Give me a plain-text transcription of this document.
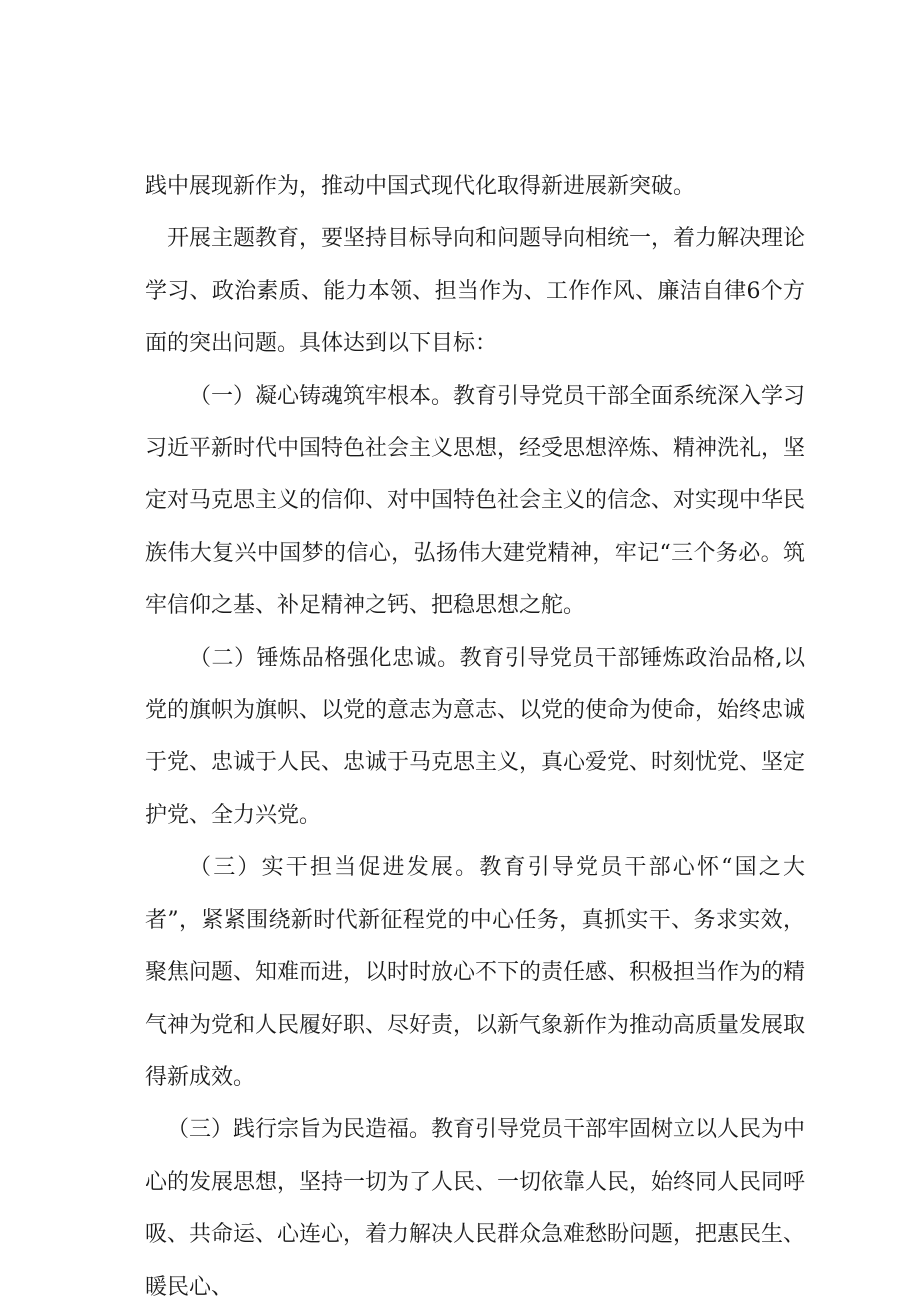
践中展现新作为，推动中国式现代化取得新进展新突破。

开展主题教育，要坚持目标导向和问题导向相统一，着力解决理论学习、政治素质、能力本领、担当作为、工作作风、廉洁自律6个方面的突出问题。具体达到以下目标：

（一）凝心铸魂筑牢根本。教育引导党员干部全面系统深入学习习近平新时代中国特色社会主义思想，经受思想淬炼、精神洗礼，坚定对马克思主义的信仰、对中国特色社会主义的信念、对实现中华民族伟大复兴中国梦的信心，弘扬伟大建党精神，牢记“三个务必。筑牢信仰之基、补足精神之钙、把稳思想之舵。

（二）锤炼品格强化忠诚。教育引导党员干部锤炼政治品格,以党的旗帜为旗帜、以党的意志为意志、以党的使命为使命，始终忠诚于党、忠诚于人民、忠诚于马克思主义，真心爱党、时刻忧党、坚定护党、全力兴党。

（三）实干担当促进发展。教育引导党员干部心怀“国之大者”，紧紧围绕新时代新征程党的中心任务，真抓实干、务求实效，聚焦问题、知难而进，以时时放心不下的责任感、积极担当作为的精气神为党和人民履好职、尽好责，以新气象新作为推动高质量发展取得新成效。

（三）践行宗旨为民造福。教育引导党员干部牢固树立以人民为中心的发展思想，坚持一切为了人民、一切依靠人民，始终同人民同呼吸、共命运、心连心，着力解决人民群众急难愁盼问题，把惠民生、暖民心、
